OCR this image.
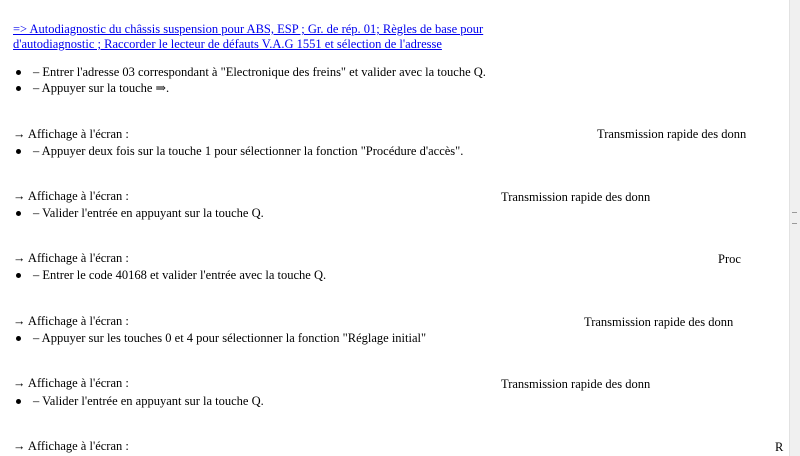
=> Autodiagnostic du châssis suspension pour ABS, ESP ; Gr. de rép. 01; Règles de base pour
d'autodiagnostic ; Raccorder le lecteur de défauts V.A.G 1551 et sélection de l'adresse
– Entrer l'adresse 03 correspondant à "Electronique des freins" et valider avec la touche Q.
– Appuyer sur la touche ⇒.
→ Affichage à l'écran :	Transmission rapide des donn
– Appuyer deux fois sur la touche 1 pour sélectionner la fonction "Procédure d'accès".
→ Affichage à l'écran :	Transmission rapide des donn
– Valider l'entrée en appuyant sur la touche Q.
→ Affichage à l'écran :	Proc
– Entrer le code 40168 et valider l'entrée avec la touche Q.
→ Affichage à l'écran :	Transmission rapide des donn
– Appuyer sur les touches 0 et 4 pour sélectionner la fonction "Réglage initial"
→ Affichage à l'écran :	Transmission rapide des donn
– Valider l'entrée en appuyant sur la touche Q.
→ Affichage à l'écran :	R
